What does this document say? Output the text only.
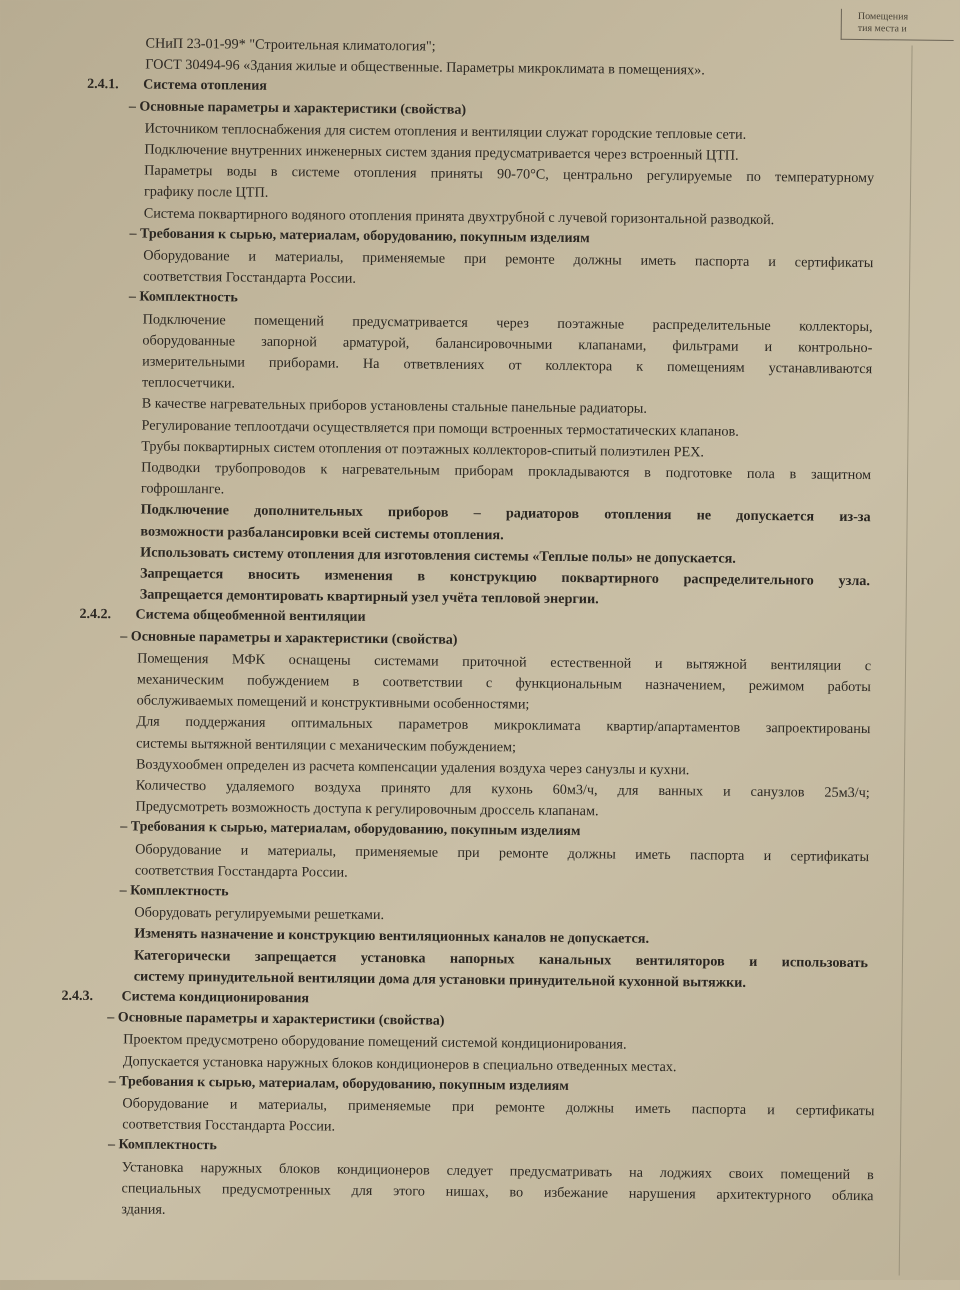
Помещения
тия места и
СНиП 23-01-99* "Строительная климатология";
ГОСТ 30494-96 «Здания жилые и общественные. Параметры микроклимата в помещениях».
2.4.1. Система отопления
– Основные параметры и характеристики (свойства)
Источником теплоснабжения для систем отопления и вентиляции служат городские тепловые сети.
Подключение внутренних инженерных систем здания предусматривается через встроенный ЦТП.
Параметры воды в системе отопления приняты 90-70°С, центрально регулируемые по температурному
графику после ЦТП.
Система поквартирного водяного отопления принята двухтрубной с лучевой горизонтальной разводкой.
– Требования к сырью, материалам, оборудованию, покупным изделиям
Оборудование и материалы, применяемые при ремонте должны иметь паспорта и сертификаты
соответствия Госстандарта России.
– Комплектность
Подключение помещений предусматривается через поэтажные распределительные коллекторы,
оборудованные запорной арматурой, балансировочными клапанами, фильтрами и контрольно-
измерительными приборами. На ответвлениях от коллектора к помещениям устанавливаются
теплосчетчики.
В качестве нагревательных приборов установлены стальные панельные радиаторы.
Регулирование теплоотдачи осуществляется при помощи встроенных термостатических клапанов.
Трубы поквартирных систем отопления от поэтажных коллекторов-спитый полиэтилен PEX.
Подводки трубопроводов к нагревательным приборам прокладываются в подготовке пола в защитном
гофрошланге.
Подключение дополнительных приборов – радиаторов отопления не допускается из-за
возможности разбалансировки всей системы отопления.
Использовать систему отопления для изготовления системы «Теплые полы» не допускается.
Запрещается вносить изменения в конструкцию поквартирного распределительного узла.
Запрещается демонтировать квартирный узел учёта тепловой энергии.
2.4.2. Система общеобменной вентиляции
– Основные параметры и характеристики (свойства)
Помещения МФК оснащены системами приточной естественной и вытяжной вентиляции с
механическим побуждением в соответствии с функциональным назначением, режимом работы
обслуживаемых помещений и конструктивными особенностями;
Для поддержания оптимальных параметров микроклимата квартир/апартаментов запроектированы
системы вытяжной вентиляции с механическим побуждением;
Воздухообмен определен из расчета компенсации удаления воздуха через санузлы и кухни.
Количество удаляемого воздуха принято для кухонь 60м3/ч, для ванных и санузлов 25м3/ч;
Предусмотреть возможность доступа к регулировочным дроссель клапанам.
– Требования к сырью, материалам, оборудованию, покупным изделиям
Оборудование и материалы, применяемые при ремонте должны иметь паспорта и сертификаты
соответствия Госстандарта России.
– Комплектность
Оборудовать регулируемыми решетками.
Изменять назначение и конструкцию вентиляционных каналов не допускается.
Категорически запрещается установка напорных канальных вентиляторов и использовать
систему принудительной вентиляции дома для установки принудительной кухонной вытяжки.
2.4.3. Система кондиционирования
– Основные параметры и характеристики (свойства)
Проектом предусмотрено оборудование помещений системой кондиционирования.
Допускается установка наружных блоков кондиционеров в специально отведенных местах.
– Требования к сырью, материалам, оборудованию, покупным изделиям
Оборудование и материалы, применяемые при ремонте должны иметь паспорта и сертификаты
соответствия Госстандарта России.
– Комплектность
Установка наружных блоков кондиционеров следует предусматривать на лоджиях своих помещений в
специальных предусмотренных для этого нишах, во избежание нарушения архитектурного облика
здания.
